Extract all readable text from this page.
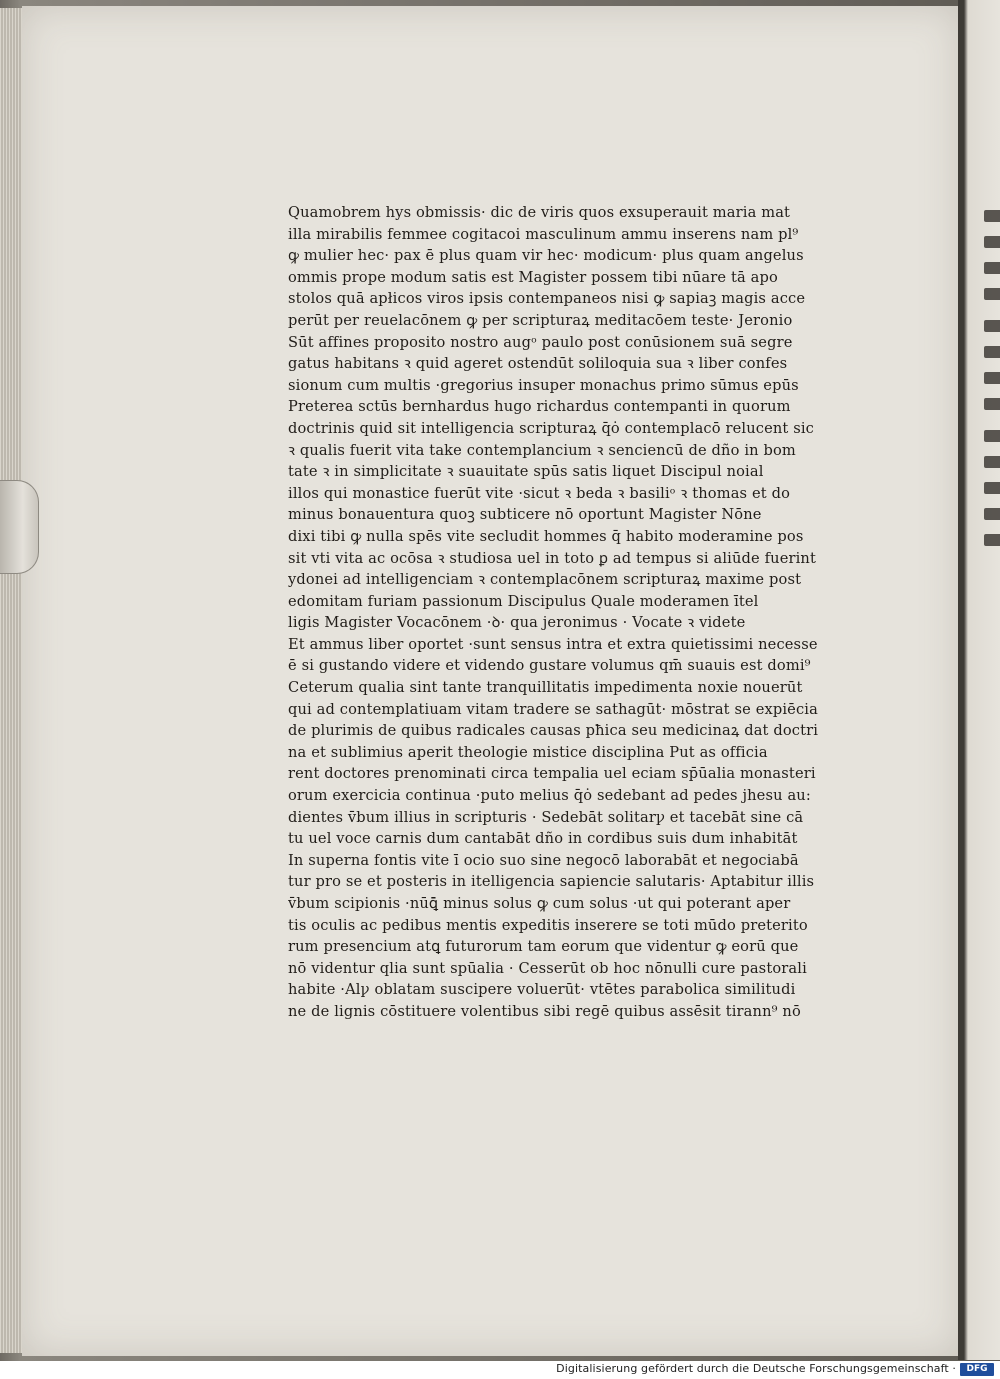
Quamobrem hys obmissis· dic de viris quos exsuperauit maria mat
illa mirabilis femmee cogitacoi masculinum ammu inserens nam pl⁹
ꝙ mulier hec· pax ē plus quam vir hec· modicum· plus quam angelus
ommis prope modum satis est Magister possem tibi nūare tā apo
stolos quā apłicos viros ipsis contempaneos nisi ꝙ sapiaꝫ magis acce
perūt per reuelacōnem ꝙ per scripturaꝝ meditacōem teste· Jeronio
Sūt affines proposito nostro augᵒ paulo post conūsionem suā segre
gatus habitans ꝛ quid ageret ostendūt soliloquia sua ꝛ liber confes
sionum cum multis ·gregorius insuper monachus primo sūmus epūs
Preterea sctūs bernhardus hugo richardus contempanti in quorum
doctrinis quid sit intelligencia scripturaꝝ q̄ȯ contemplacō relucent sic
ꝛ qualis fuerit vita take contemplancium ꝛ senciencū de dño in bom
tate ꝛ in simplicitate ꝛ suauitate spūs satis liquet Discipul noial
illos qui monastice fuerūt vite ·sicut ꝛ beda ꝛ basiliᵒ ꝛ thomas et do
minus bonauentura quoꝫ subticere nō oportunt Magister Nōne
dixi tibi ꝙ nulla spēs vite secludit hommes q̄ habito moderamine pos
sit vti vita ac ocōsa ꝛ studiosa uel in toto ꝑ ad tempus si aliūde fuerint
ydonei ad intelligenciam ꝛ contemplacōnem scripturaꝝ maxime post
edomitam furiam passionum Discipulus Quale moderamen ītel
ligis Magister Vocacōnem ·ꝺ· qua jeronimus · Vocate ꝛ videte
Et ammus liber oportet ·sunt sensus intra et extra quietissimi necesse
ē si gustando videre et videndo gustare volumus qm̄ suauis est domi⁹
Ceterum qualia sint tante tranquillitatis impedimenta noxie nouerūt
qui ad contemplatiuam vitam tradere se sathagūt· mōstrat se expiēcia
de plurimis de quibus radicales causas pħica seu medicinaꝝ dat doctri
na et sublimius aperit theologie mistice disciplina Put as officia
rent doctores prenominati circa tempalia uel eciam sp̄ūalia monasteri
orum exercicia continua ·puto melius q̄ȯ sedebant ad pedes jhesu au:
dientes v̄bum illius in scripturis · Sedebāt solitarꝩ et tacebāt sine cā
tu uel voce carnis dum cantabāt dño in cordibus suis dum inhabitāt
In superna fontis vite ī ocio suo sine negocō laborabāt et negociabā
tur pro se et posteris in itelligencia sapiencie salutaris· Aptabitur illis
v̄bum scipionis ·nūꝗ̄ minus solus ꝙ cum solus ·ut qui poterant aper
tis oculis ac pedibus mentis expeditis inserere se toti mūdo preterito
rum presencium atꝗ futurorum tam eorum que videntur ꝙ eorū que
nō videntur qlia sunt spūalia · Cesserūt ob hoc nōnulli cure pastorali
habite ·Alꝩ oblatam suscipere voluerūt· vtētes parabolica similitudi
ne de lignis cōstituere volentibus sibi regē quibus assēsit tirann⁹ nō
Digitalisierung gefördert durch die Deutsche Forschungsgemeinschaft ·	DFG
